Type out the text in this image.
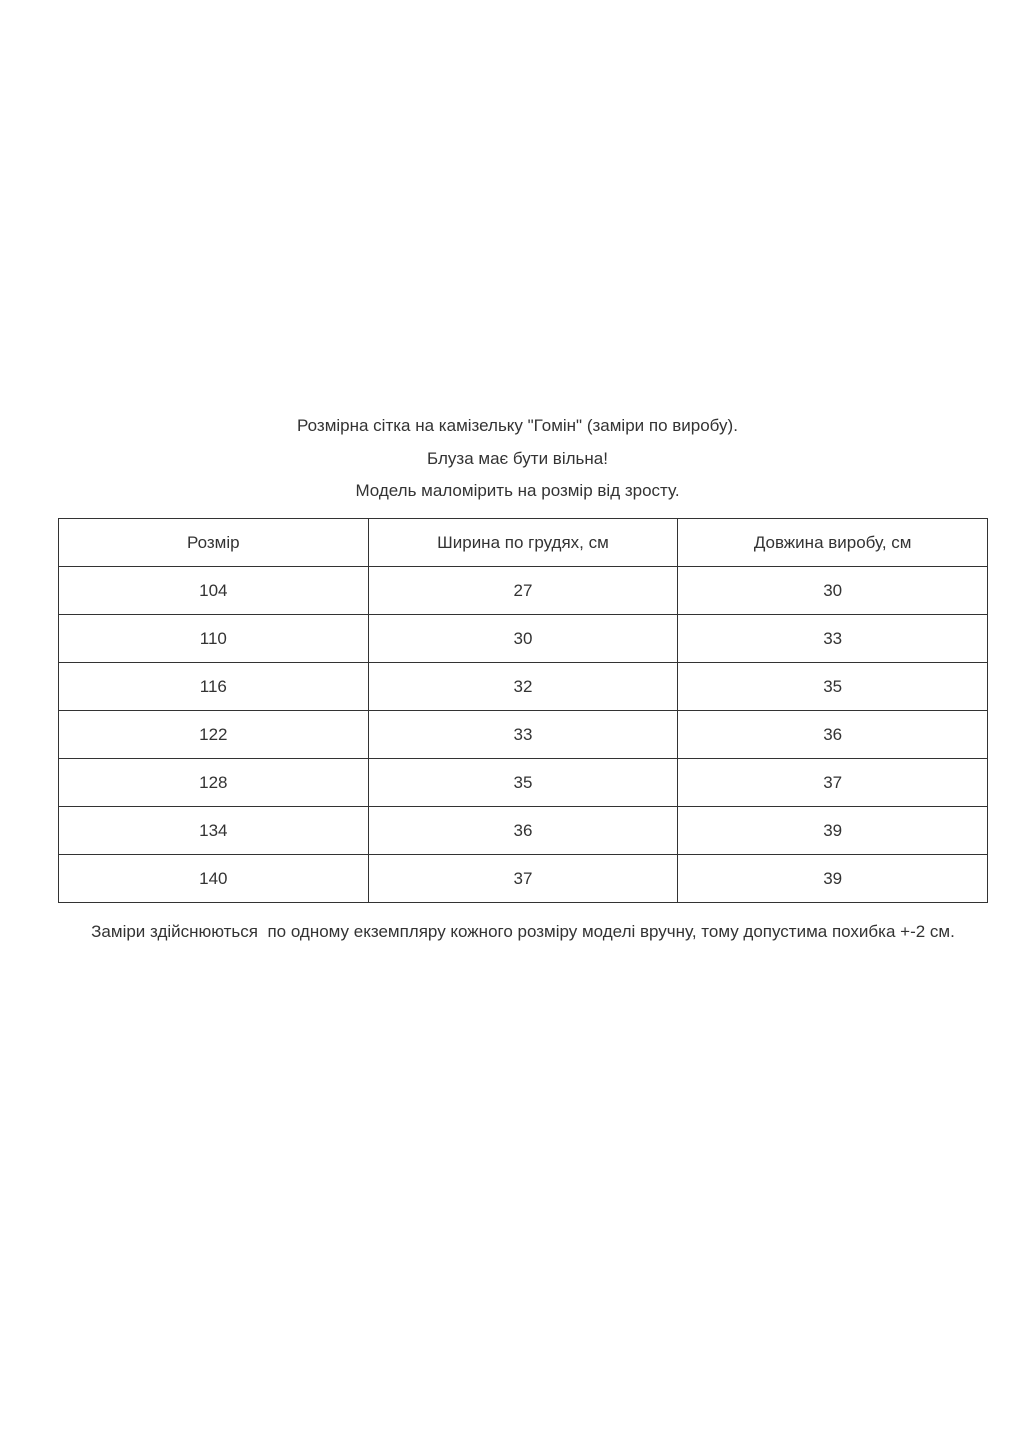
Розмірна сітка на камізельку "Гомін" (заміри по виробу).
Блуза має бути вільна!
Модель маломірить на розмір від зросту.
Розмір	Ширина по грудях, см	Довжина виробу, см
104	27	30
110	30	33
116	32	35
122	33	36
128	35	37
134	36	39
140	37	39
Заміри здійснюються  по одному екземпляру кожного розміру моделі вручну, тому допустима похибка +-2 см.
